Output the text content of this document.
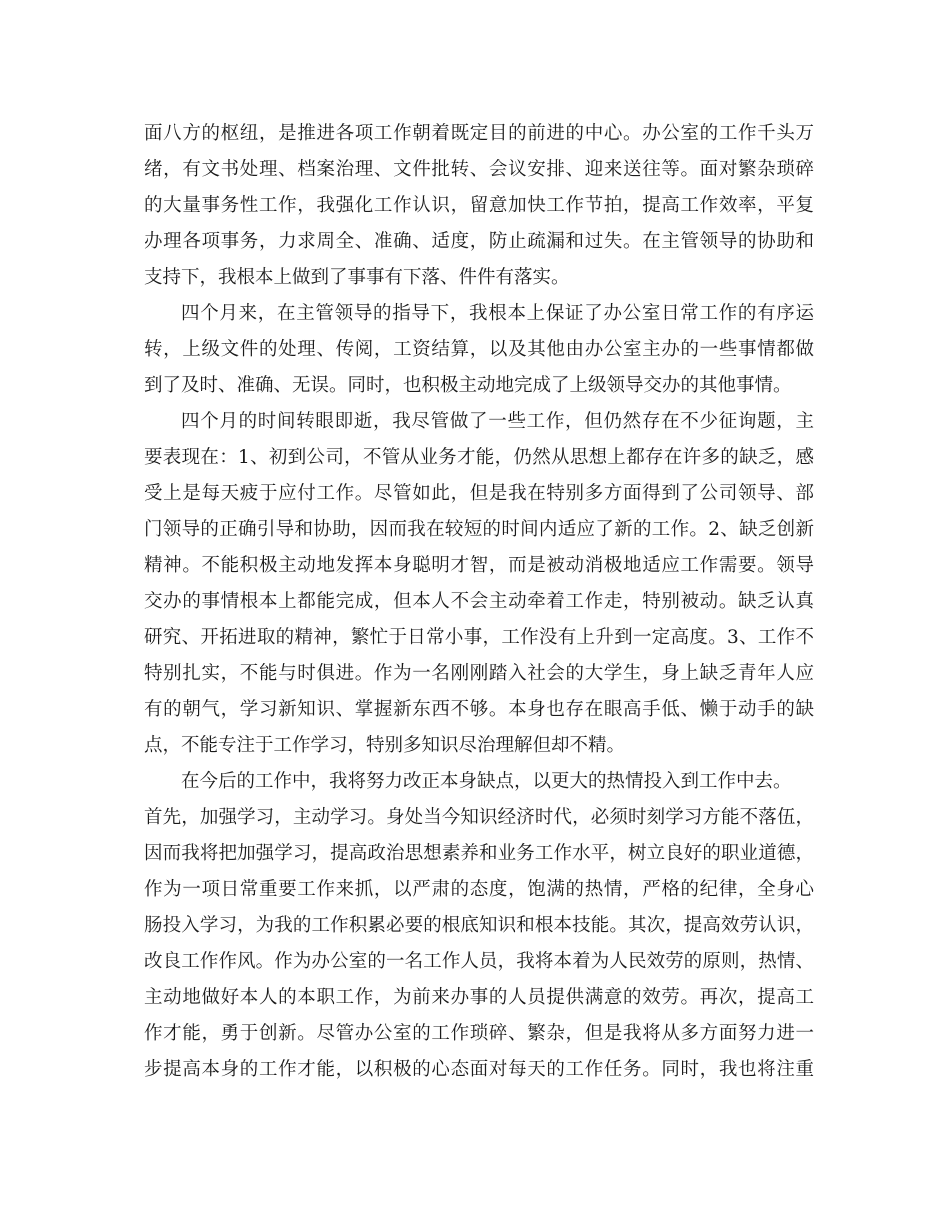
面八方的枢纽，是推进各项工作朝着既定目的前进的中心。办公室的工作千头万
绪，有文书处理、档案治理、文件批转、会议安排、迎来送往等。面对繁杂琐碎
的大量事务性工作，我强化工作认识，留意加快工作节拍，提高工作效率，平复
办理各项事务，力求周全、准确、适度，防止疏漏和过失。在主管领导的协助和
支持下，我根本上做到了事事有下落、件件有落实。
四个月来，在主管领导的指导下，我根本上保证了办公室日常工作的有序运
转，上级文件的处理、传阅，工资结算，以及其他由办公室主办的一些事情都做
到了及时、准确、无误。同时，也积极主动地完成了上级领导交办的其他事情。
四个月的时间转眼即逝，我尽管做了一些工作，但仍然存在不少征询题，主
要表现在：1、初到公司，不管从业务才能，仍然从思想上都存在许多的缺乏，感
受上是每天疲于应付工作。尽管如此，但是我在特别多方面得到了公司领导、部
门领导的正确引导和协助，因而我在较短的时间内适应了新的工作。2、缺乏创新
精神。不能积极主动地发挥本身聪明才智，而是被动消极地适应工作需要。领导
交办的事情根本上都能完成，但本人不会主动牵着工作走，特别被动。缺乏认真
研究、开拓进取的精神，繁忙于日常小事，工作没有上升到一定高度。3、工作不
特别扎实，不能与时俱进。作为一名刚刚踏入社会的大学生，身上缺乏青年人应
有的朝气，学习新知识、掌握新东西不够。本身也存在眼高手低、懒于动手的缺
点，不能专注于工作学习，特别多知识尽治理解但却不精。
在今后的工作中，我将努力改正本身缺点，以更大的热情投入到工作中去。
首先，加强学习，主动学习。身处当今知识经济时代，必须时刻学习方能不落伍，
因而我将把加强学习，提高政治思想素养和业务工作水平，树立良好的职业道德，
作为一项日常重要工作来抓，以严肃的态度，饱满的热情，严格的纪律，全身心
肠投入学习，为我的工作积累必要的根底知识和根本技能。其次，提高效劳认识，
改良工作作风。作为办公室的一名工作人员，我将本着为人民效劳的原则，热情、
主动地做好本人的本职工作，为前来办事的人员提供满意的效劳。再次，提高工
作才能，勇于创新。尽管办公室的工作琐碎、繁杂，但是我将从多方面努力进一
步提高本身的工作才能，以积极的心态面对每天的工作任务。同时，我也将注重
